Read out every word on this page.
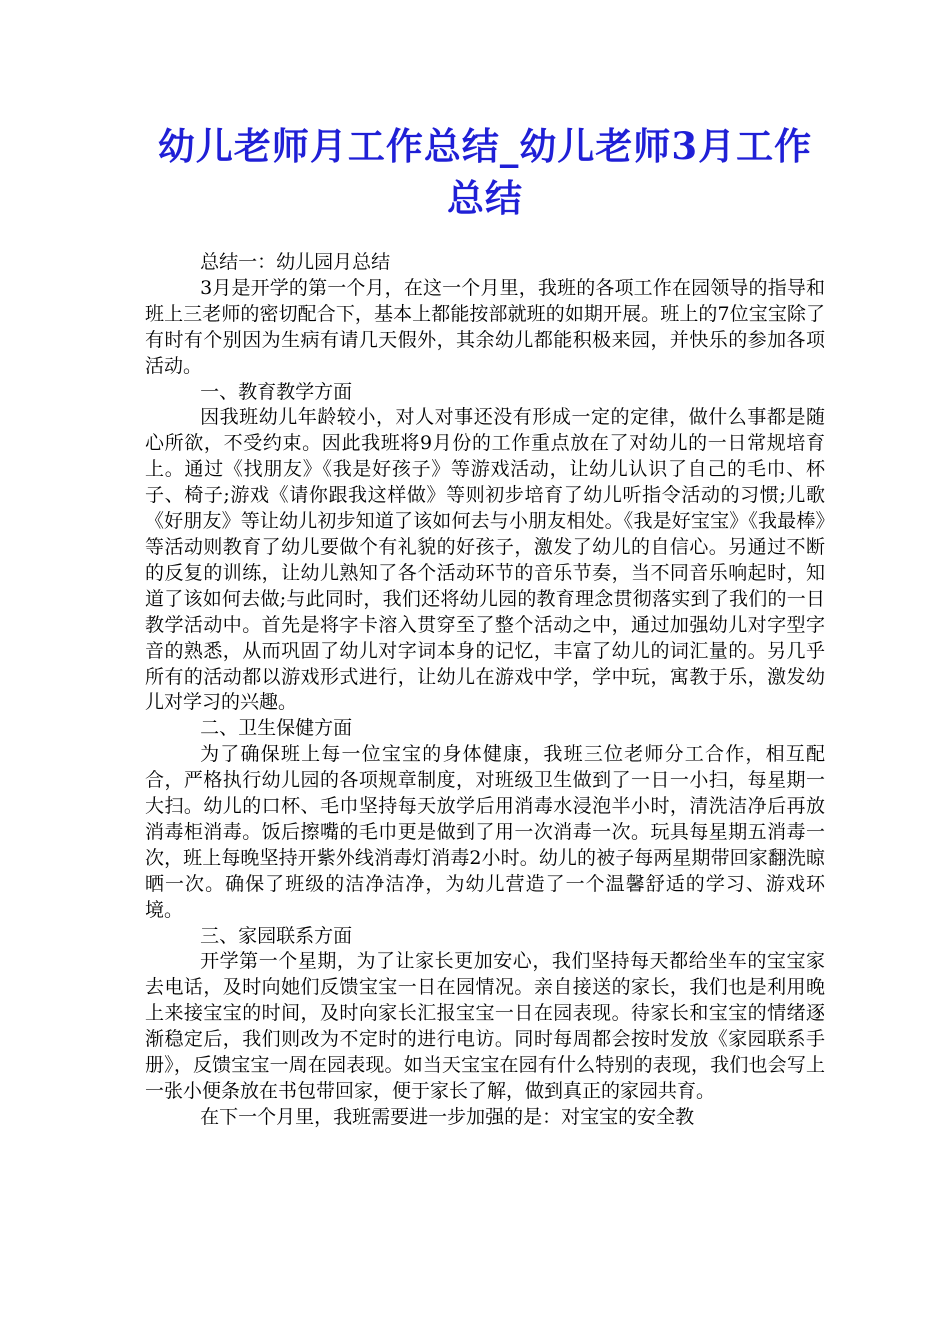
幼儿老师月工作总结_幼儿老师3月工作总结

总结一：幼儿园月总结

3月是开学的第一个月，在这一个月里，我班的各项工作在园领导的指导和班上三老师的密切配合下，基本上都能按部就班的如期开展。班上的7位宝宝除了有时有个别因为生病有请几天假外，其余幼儿都能积极来园，并快乐的参加各项活动。

一、教育教学方面

因我班幼儿年龄较小，对人对事还没有形成一定的定律，做什么事都是随心所欲，不受约束。因此我班将9月份的工作重点放在了对幼儿的一日常规培育上。通过《找朋友》《我是好孩子》等游戏活动，让幼儿认识了自己的毛巾、杯子、椅子;游戏《请你跟我这样做》等则初步培育了幼儿听指令活动的习惯;儿歌《好朋友》等让幼儿初步知道了该如何去与小朋友相处。《我是好宝宝》《我最棒》等活动则教育了幼儿要做个有礼貌的好孩子，激发了幼儿的自信心。另通过不断的反复的训练，让幼儿熟知了各个活动环节的音乐节奏，当不同音乐响起时，知道了该如何去做;与此同时，我们还将幼儿园的教育理念贯彻落实到了我们的一日教学活动中。首先是将字卡溶入贯穿至了整个活动之中，通过加强幼儿对字型字音的熟悉，从而巩固了幼儿对字词本身的记忆，丰富了幼儿的词汇量的。另几乎所有的活动都以游戏形式进行，让幼儿在游戏中学，学中玩，寓教于乐，激发幼儿对学习的兴趣。

二、卫生保健方面

为了确保班上每一位宝宝的身体健康，我班三位老师分工合作，相互配合，严格执行幼儿园的各项规章制度，对班级卫生做到了一日一小扫，每星期一大扫。幼儿的口杯、毛巾坚持每天放学后用消毒水浸泡半小时，清洗洁净后再放消毒柜消毒。饭后擦嘴的毛巾更是做到了用一次消毒一次。玩具每星期五消毒一次，班上每晚坚持开紫外线消毒灯消毒2小时。幼儿的被子每两星期带回家翻洗晾晒一次。确保了班级的洁净洁净，为幼儿营造了一个温馨舒适的学习、游戏环境。

三、家园联系方面

开学第一个星期，为了让家长更加安心，我们坚持每天都给坐车的宝宝家去电话，及时向她们反馈宝宝一日在园情况。亲自接送的家长，我们也是利用晚上来接宝宝的时间，及时向家长汇报宝宝一日在园表现。待家长和宝宝的情绪逐渐稳定后，我们则改为不定时的进行电访。同时每周都会按时发放《家园联系手册》，反馈宝宝一周在园表现。如当天宝宝在园有什么特别的表现，我们也会写上一张小便条放在书包带回家，便于家长了解，做到真正的家园共育。

在下一个月里，我班需要进一步加强的是：对宝宝的安全教
